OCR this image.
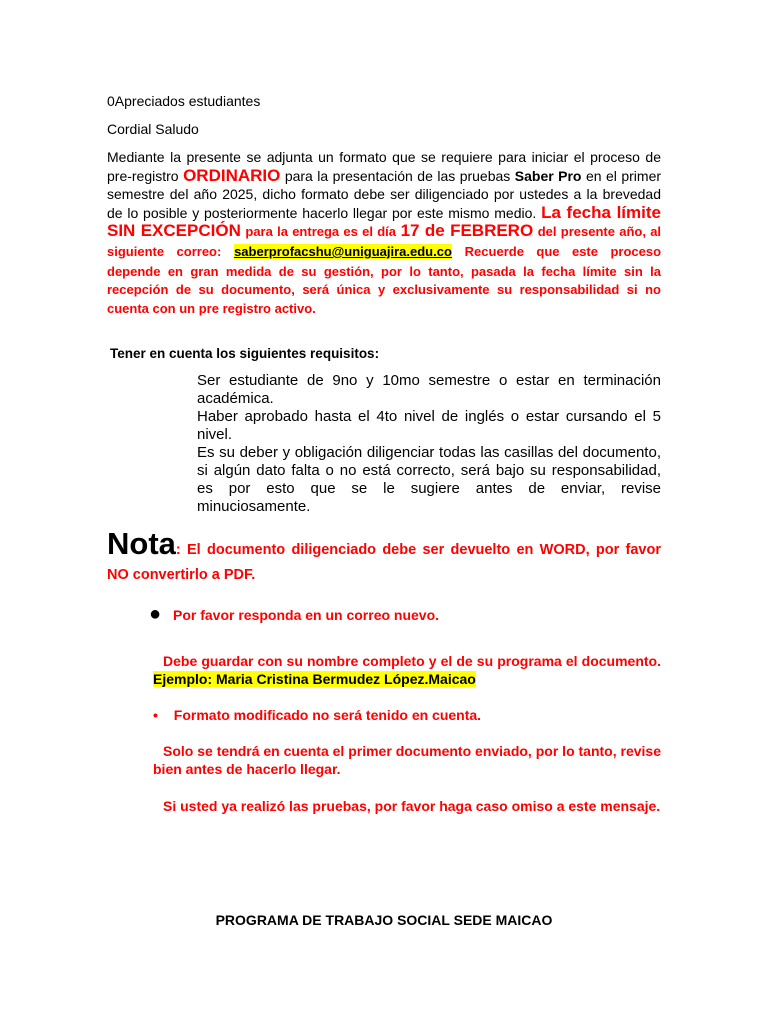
0Apreciados estudiantes

Cordial Saludo

Mediante la presente se adjunta un formato que se requiere para iniciar el proceso de pre-registro ORDINARIO para la presentación de las pruebas Saber Pro en el primer semestre del año 2025, dicho formato debe ser diligenciado por ustedes a la brevedad de lo posible y posteriormente hacerlo llegar por este mismo medio. La fecha límite SIN EXCEPCIÓN para la entrega es el día 17 de FEBRERO del presente año, al siguiente correo: saberprofacshu@uniguajira.edu.co Recuerde que este proceso depende en gran medida de su gestión, por lo tanto, pasada la fecha límite sin la recepción de su documento, será única y exclusivamente su responsabilidad si no cuenta con un pre registro activo.

Tener en cuenta los siguientes requisitos:

Ser estudiante de 9no y 10mo semestre o estar en terminación académica.

Haber aprobado hasta el 4to nivel de inglés o estar cursando el 5 nivel.

Es su deber y obligación diligenciar todas las casillas del documento, si algún dato falta o no está correcto, será bajo su responsabilidad, es por esto que se le sugiere antes de enviar, revise minuciosamente.

Nota: El documento diligenciado debe ser devuelto en WORD, por favor NO convertirlo a PDF.

● Por favor responda en un correo nuevo.

Debe guardar con su nombre completo y el de su programa el documento. Ejemplo: Maria Cristina Bermudez López.Maicao

• Formato modificado no será tenido en cuenta.

Solo se tendrá en cuenta el primer documento enviado, por lo tanto, revise bien antes de hacerlo llegar.

Si usted ya realizó las pruebas, por favor haga caso omiso a este mensaje.

PROGRAMA DE TRABAJO SOCIAL SEDE MAICAO
